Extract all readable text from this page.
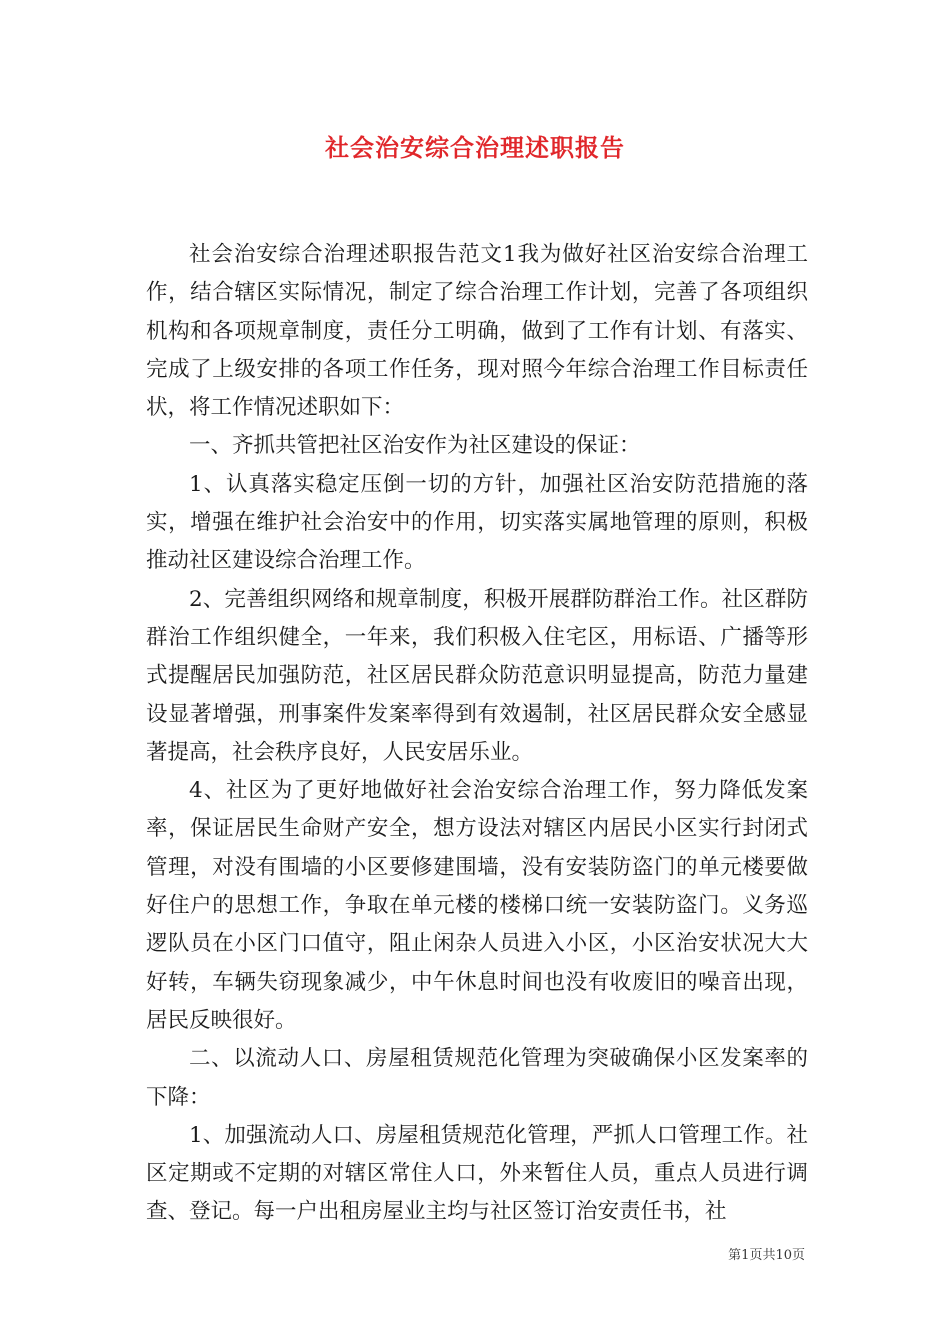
社会治安综合治理述职报告

社会治安综合治理述职报告范文1我为做好社区治安综合治理工作，结合辖区实际情况，制定了综合治理工作计划，完善了各项组织机构和各项规章制度，责任分工明确，做到了工作有计划、有落实、完成了上级安排的各项工作任务，现对照今年综合治理工作目标责任状，将工作情况述职如下：

一、齐抓共管把社区治安作为社区建设的保证：

1、认真落实稳定压倒一切的方针，加强社区治安防范措施的落实，增强在维护社会治安中的作用，切实落实属地管理的原则，积极推动社区建设综合治理工作。

2、完善组织网络和规章制度，积极开展群防群治工作。社区群防群治工作组织健全，一年来，我们积极入住宅区，用标语、广播等形式提醒居民加强防范，社区居民群众防范意识明显提高，防范力量建设显著增强，刑事案件发案率得到有效遏制，社区居民群众安全感显著提高，社会秩序良好，人民安居乐业。

4、社区为了更好地做好社会治安综合治理工作，努力降低发案率，保证居民生命财产安全，想方设法对辖区内居民小区实行封闭式管理，对没有围墙的小区要修建围墙，没有安装防盗门的单元楼要做好住户的思想工作，争取在单元楼的楼梯口统一安装防盗门。义务巡逻队员在小区门口值守，阻止闲杂人员进入小区，小区治安状况大大好转，车辆失窃现象减少，中午休息时间也没有收废旧的噪音出现，居民反映很好。

二、以流动人口、房屋租赁规范化管理为突破确保小区发案率的下降：

1、加强流动人口、房屋租赁规范化管理，严抓人口管理工作。社区定期或不定期的对辖区常住人口，外来暂住人员，重点人员进行调查、登记。每一户出租房屋业主均与社区签订治安责任书，社

第1页共10页
